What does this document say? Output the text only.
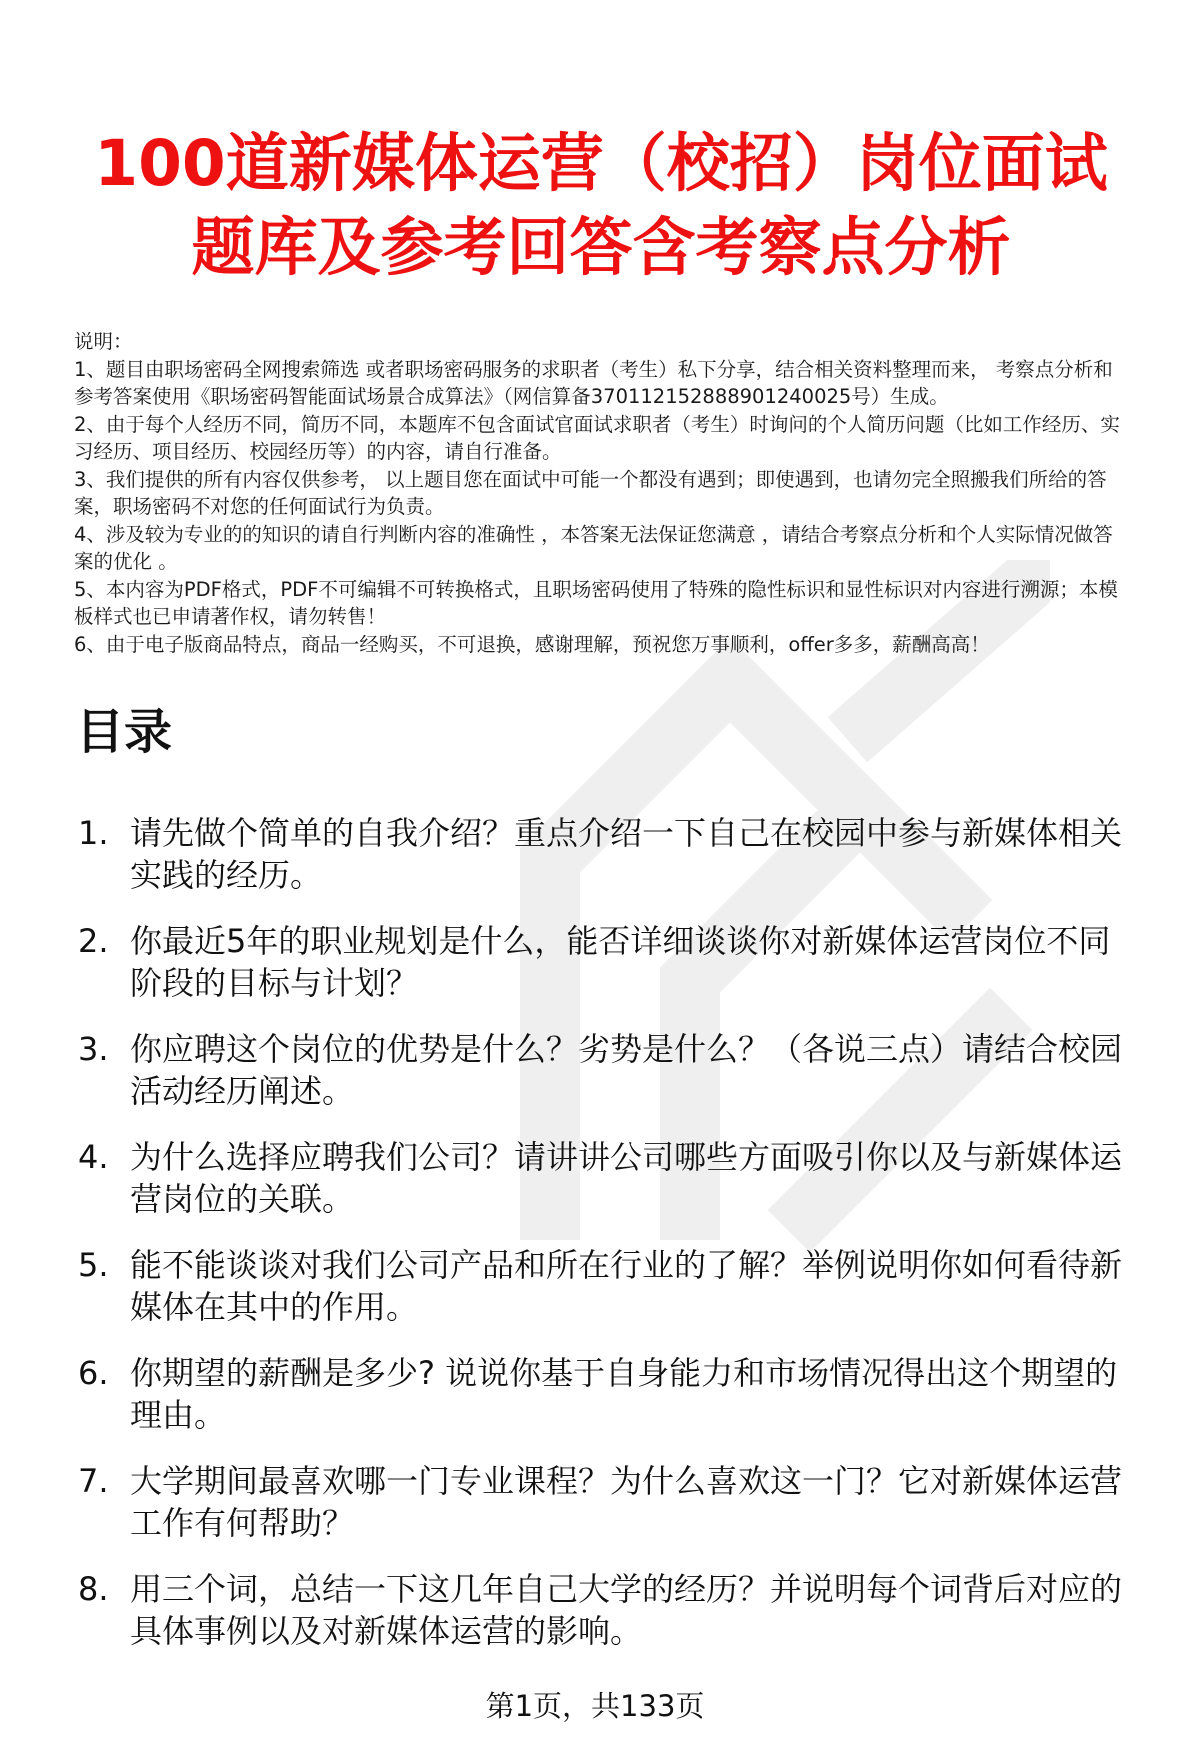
100道新媒体运营（校招）岗位面试
题库及参考回答含考察点分析

说明：

1、题目由职场密码全网搜索筛选 或者职场密码服务的求职者（考生）私下分享，结合相关资料整理而来， 考察点分析和参考答案使用《职场密码智能面试场景合成算法》（网信算备370112152888901240025号）生成。

2、由于每个人经历不同，简历不同，本题库不包含面试官面试求职者（考生）时询问的个人简历问题（比如工作经历、实习经历、项目经历、校园经历等）的内容，请自行准备。

3、我们提供的所有内容仅供参考， 以上题目您在面试中可能一个都没有遇到；即使遇到，也请勿完全照搬我们所给的答案，职场密码不对您的任何面试行为负责。

4、涉及较为专业的的知识的请自行判断内容的准确性 ，本答案无法保证您满意 ，请结合考察点分析和个人实际情况做答案的优化 。

5、本内容为PDF格式，PDF不可编辑不可转换格式，且职场密码使用了特殊的隐性标识和显性标识对内容进行溯源；本模板样式也已申请著作权，请勿转售！

6、由于电子版商品特点，商品一经购买，不可退换，感谢理解，预祝您万事顺利，offer多多，薪酬高高！

目录
1. 请先做个简单的自我介绍？重点介绍一下自己在校园中参与新媒体相关实践的经历。
2. 你最近5年的职业规划是什么，能否详细谈谈你对新媒体运营岗位不同阶段的目标与计划？
3. 你应聘这个岗位的优势是什么？劣势是什么？（各说三点）请结合校园活动经历阐述。
4. 为什么选择应聘我们公司？请讲讲公司哪些方面吸引你以及与新媒体运营岗位的关联。
5. 能不能谈谈对我们公司产品和所在行业的了解？举例说明你如何看待新媒体在其中的作用。
6. 你期望的薪酬是多少? 说说你基于自身能力和市场情况得出这个期望的理由。
7. 大学期间最喜欢哪一门专业课程？为什么喜欢这一门？它对新媒体运营工作有何帮助？
8. 用三个词，总结一下这几年自己大学的经历？并说明每个词背后对应的具体事例以及对新媒体运营的影响。
第1页，共133页
